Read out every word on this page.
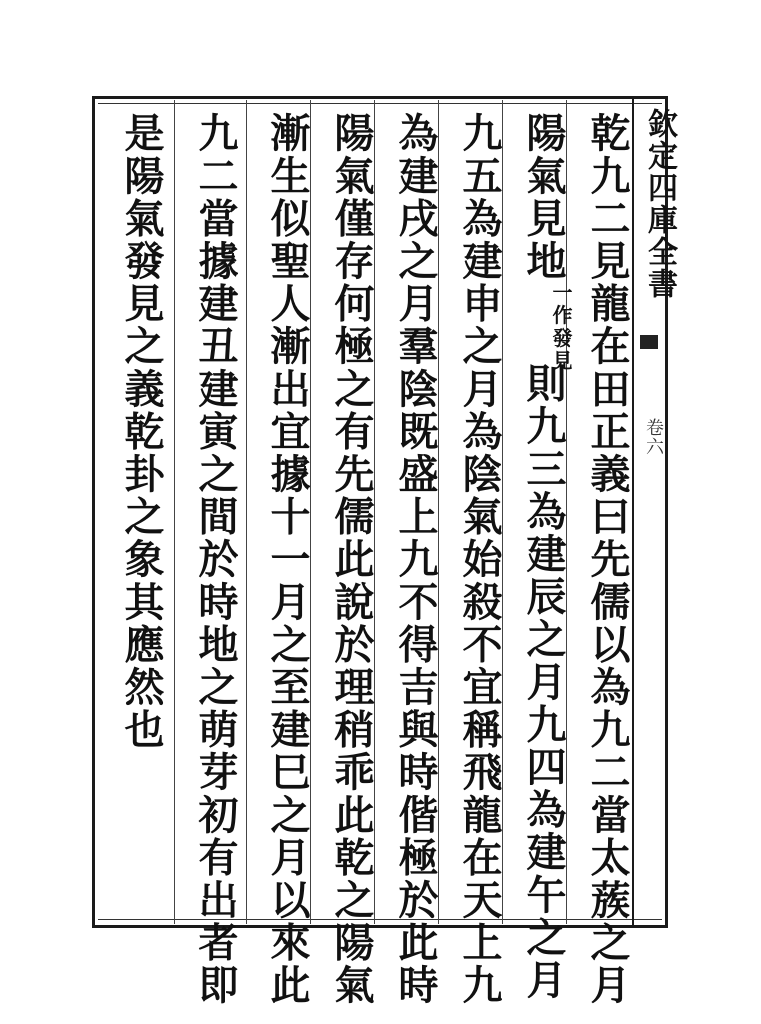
欽定四庫全書
卷六
乾九二見龍在田正義曰先儒以為九二當太蔟之月
陽氣見地一作發見則九三為建辰之月九四為建午之月
九五為建申之月為陰氣始殺不宜稱飛龍在天上九
為建戌之月羣陰既盛上九不得吉與時偕極於此時
陽氣僅存何極之有先儒此說於理稍乖此乾之陽氣
漸生似聖人漸出宜據十一月之至建巳之月以來此
九二當據建丑建寅之間於時地之萌芽初有出者即
是陽氣發見之義乾卦之象其應然也
